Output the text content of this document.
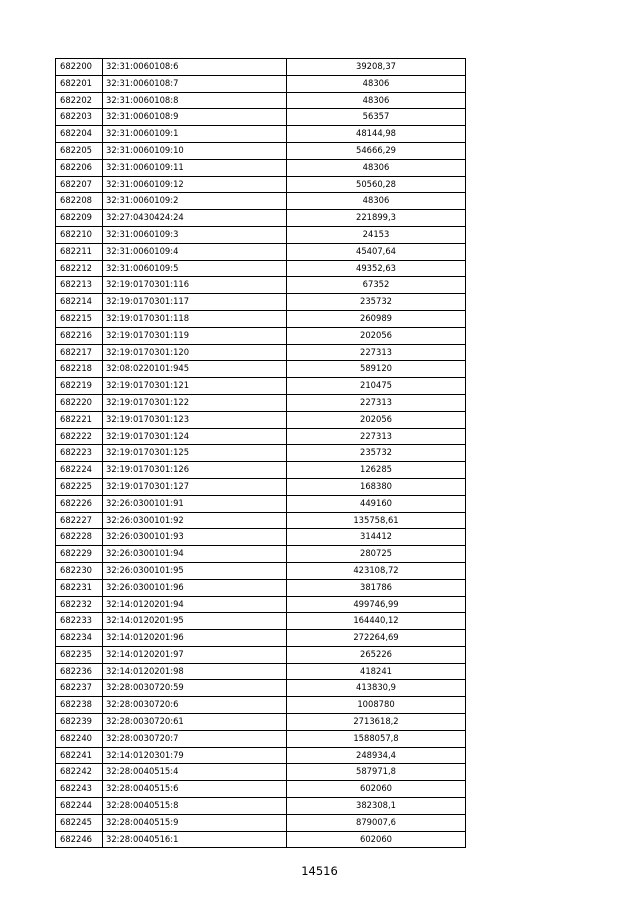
682200	32:31:0060108:6	39208,37
682201	32:31:0060108:7	48306
682202	32:31:0060108:8	48306
682203	32:31:0060108:9	56357
682204	32:31:0060109:1	48144,98
682205	32:31:0060109:10	54666,29
682206	32:31:0060109:11	48306
682207	32:31:0060109:12	50560,28
682208	32:31:0060109:2	48306
682209	32:27:0430424:24	221899,3
682210	32:31:0060109:3	24153
682211	32:31:0060109:4	45407,64
682212	32:31:0060109:5	49352,63
682213	32:19:0170301:116	67352
682214	32:19:0170301:117	235732
682215	32:19:0170301:118	260989
682216	32:19:0170301:119	202056
682217	32:19:0170301:120	227313
682218	32:08:0220101:945	589120
682219	32:19:0170301:121	210475
682220	32:19:0170301:122	227313
682221	32:19:0170301:123	202056
682222	32:19:0170301:124	227313
682223	32:19:0170301:125	235732
682224	32:19:0170301:126	126285
682225	32:19:0170301:127	168380
682226	32:26:0300101:91	449160
682227	32:26:0300101:92	135758,61
682228	32:26:0300101:93	314412
682229	32:26:0300101:94	280725
682230	32:26:0300101:95	423108,72
682231	32:26:0300101:96	381786
682232	32:14:0120201:94	499746,99
682233	32:14:0120201:95	164440,12
682234	32:14:0120201:96	272264,69
682235	32:14:0120201:97	265226
682236	32:14:0120201:98	418241
682237	32:28:0030720:59	413830,9
682238	32:28:0030720:6	1008780
682239	32:28:0030720:61	2713618,2
682240	32:28:0030720:7	1588057,8
682241	32:14:0120301:79	248934,4
682242	32:28:0040515:4	587971,8
682243	32:28:0040515:6	602060
682244	32:28:0040515:8	382308,1
682245	32:28:0040515:9	879007,6
682246	32:28:0040516:1	602060
14516
